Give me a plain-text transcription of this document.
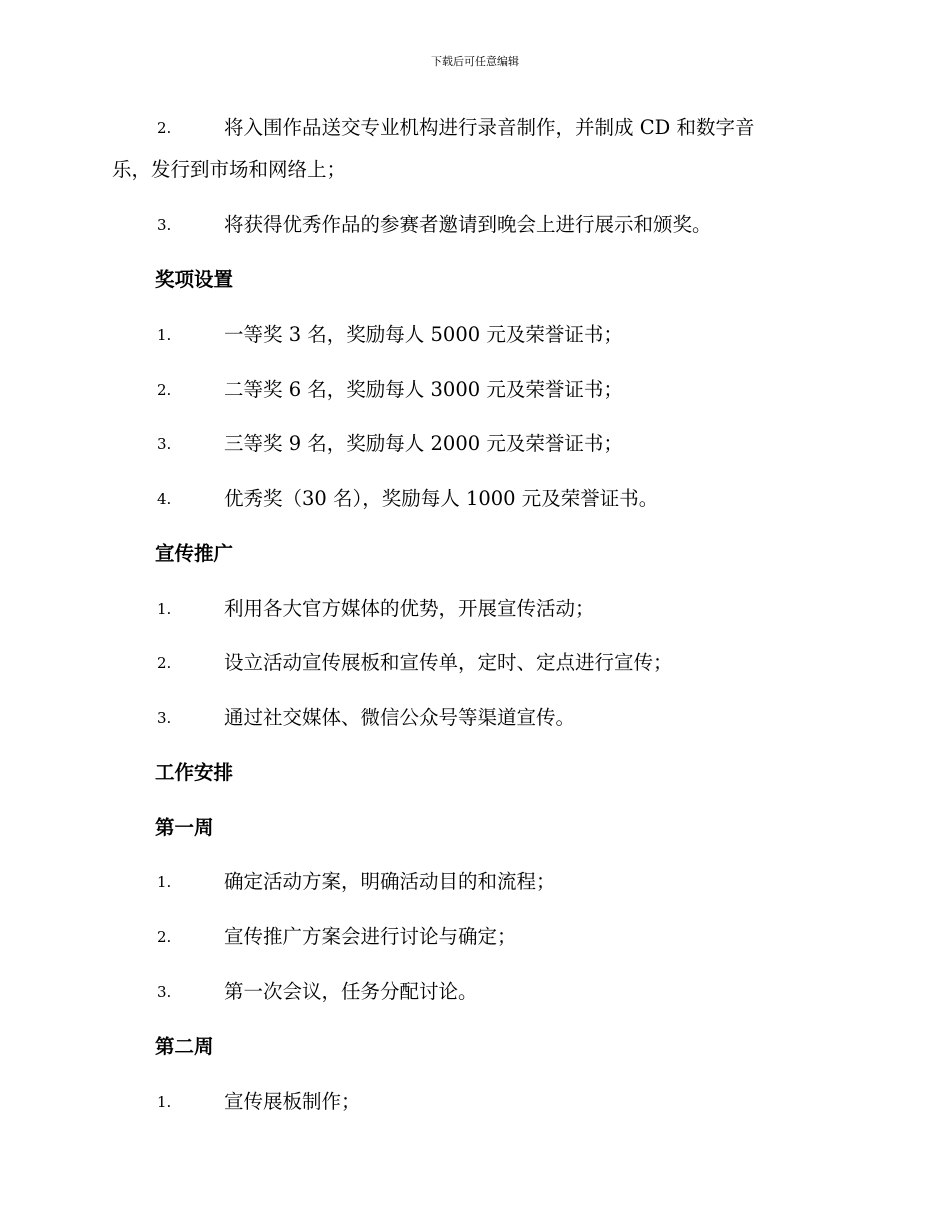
下载后可任意编辑
2.	将入围作品送交专业机构进行录音制作，并制成 CD 和数字音
乐，发行到市场和网络上；
3.	将获得优秀作品的参赛者邀请到晚会上进行展示和颁奖。
奖项设置
1.	一等奖 3 名，奖励每人 5000 元及荣誉证书；
2.	二等奖 6 名，奖励每人 3000 元及荣誉证书；
3.	三等奖 9 名，奖励每人 2000 元及荣誉证书；
4.	优秀奖（30 名），奖励每人 1000 元及荣誉证书。
宣传推广
1.	利用各大官方媒体的优势，开展宣传活动；
2.	设立活动宣传展板和宣传单，定时、定点进行宣传；
3.	通过社交媒体、微信公众号等渠道宣传。
工作安排
第一周
1.	确定活动方案，明确活动目的和流程；
2.	宣传推广方案会进行讨论与确定；
3.	第一次会议，任务分配讨论。
第二周
1.	宣传展板制作；
